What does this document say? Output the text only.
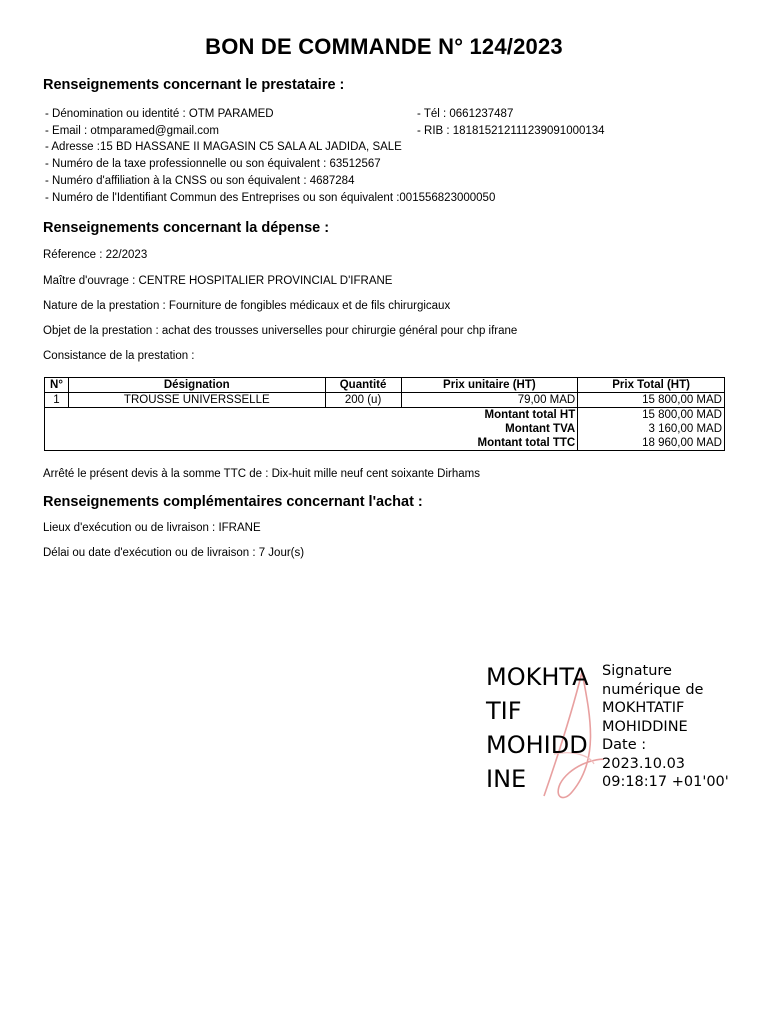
BON DE COMMANDE N° 124/2023
Renseignements concernant le prestataire :
- Dénomination ou identité : OTM PARAMED	- Tél : 0661237487
- Email : otmparamed@gmail.com	- RIB : 181815212111239091000134
- Adresse :15 BD HASSANE II MAGASIN C5 SALA AL JADIDA, SALE
- Numéro de la taxe professionnelle ou son équivalent : 63512567
- Numéro d'affiliation à la CNSS ou son équivalent : 4687284
- Numéro de l'Identifiant Commun des Entreprises ou son équivalent :001556823000050
Renseignements concernant la dépense :
Réference : 22/2023
Maître d'ouvrage : CENTRE HOSPITALIER PROVINCIAL D'IFRANE
Nature de la prestation : Fourniture de fongibles médicaux et de fils chirurgicaux
Objet de la prestation : achat des trousses universelles pour chirurgie général pour chp ifrane
Consistance de la prestation :
N°	Désignation	Quantité	Prix unitaire (HT)	Prix Total (HT)
1	TROUSSE UNIVERSSELLE	200 (u)	79,00 MAD	15 800,00 MAD
Montant total HT				15 800,00 MAD
Montant TVA				3 160,00 MAD
Montant total TTC				18 960,00 MAD
Arrêté le présent devis à la somme TTC de : Dix-huit mille neuf cent soixante Dirhams
Renseignements complémentaires concernant l'achat :
Lieux d'exécution ou de livraison : IFRANE
Délai ou date d'exécution ou de livraison : 7 Jour(s)
MOKHTA
TIF
MOHIDD
INE
Signature
numérique de
MOKHTATIF
MOHIDDINE
Date :
2023.10.03
09:18:17 +01'00'
